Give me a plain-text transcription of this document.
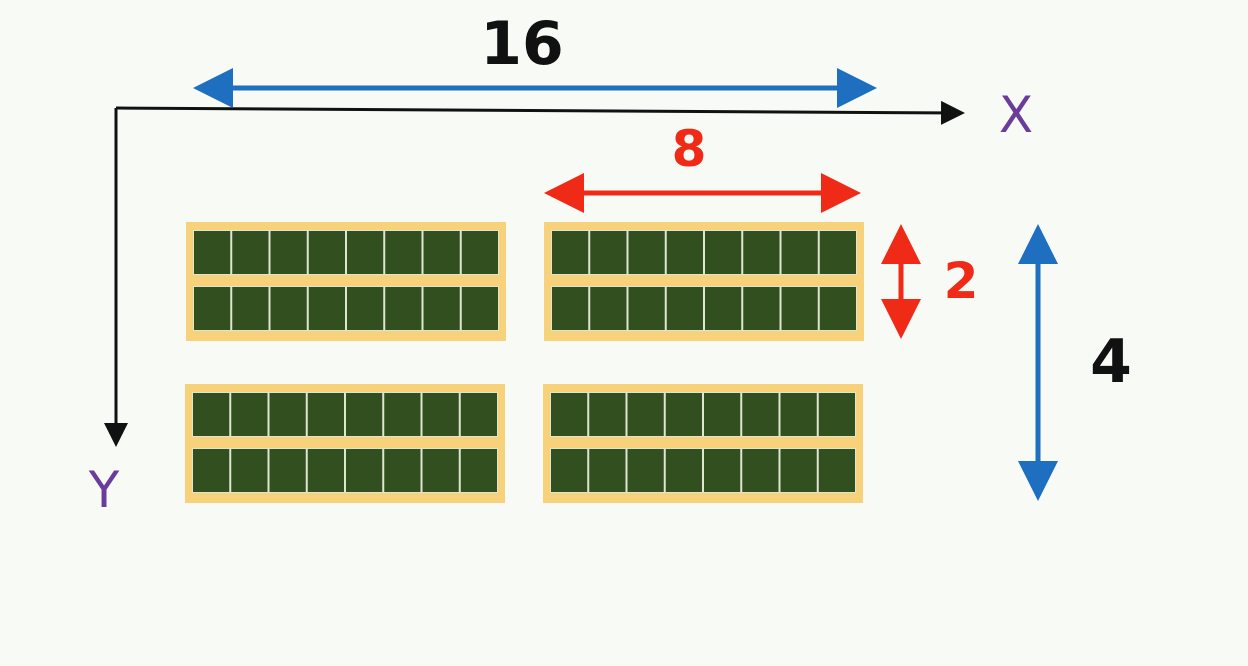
X
Y
16
8
2
4
